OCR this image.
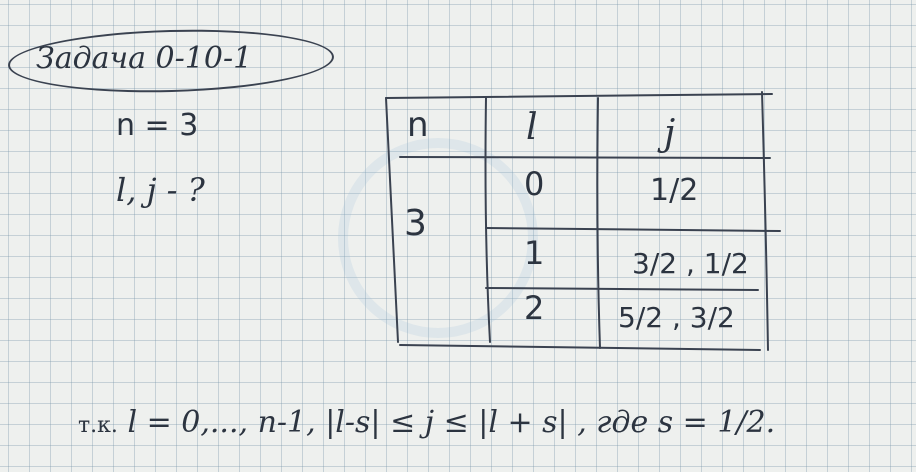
Задача 0-10-1
n = 3
l, j - ?
n	l	j
3
0	1/2
1	3/2 , 1/2
2	5/2 , 3/2
т.к. l = 0,..., n-1, |l-s| ≤ j ≤ |l + s| , где s = 1/2.
